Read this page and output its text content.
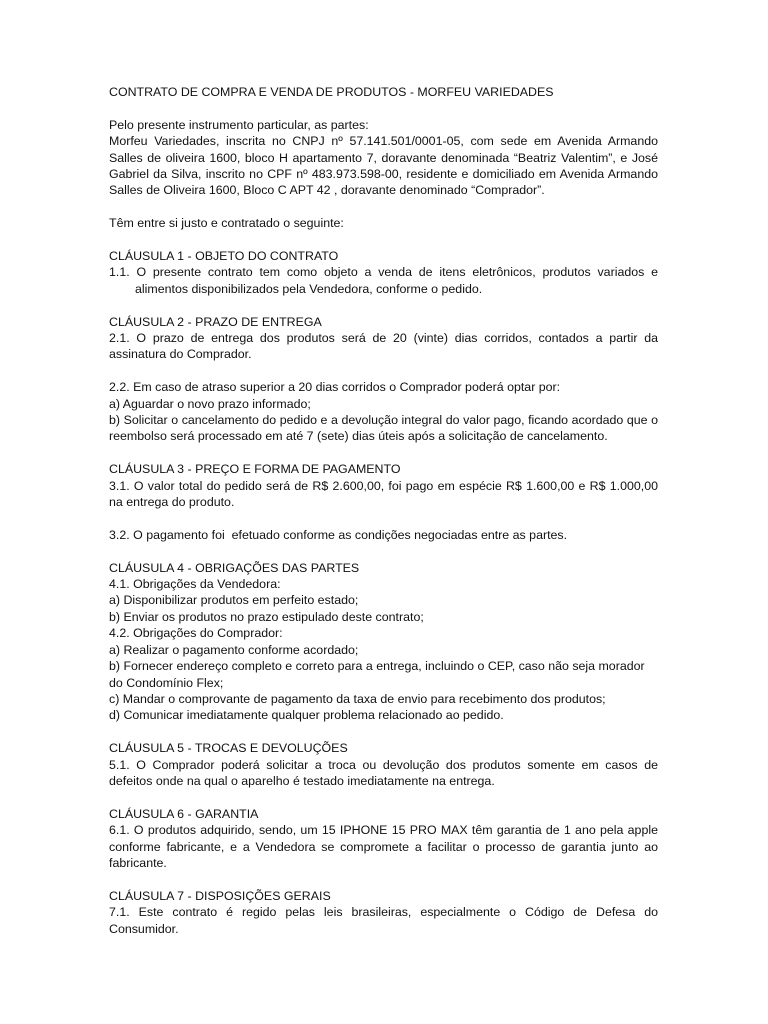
CONTRATO DE COMPRA E VENDA DE PRODUTOS - MORFEU VARIEDADES
Pelo presente instrumento particular, as partes:
Morfeu Variedades, inscrita no CNPJ nº 57.141.501/0001-05, com sede em Avenida Armando Salles de oliveira 1600, bloco H apartamento 7, doravante denominada “Beatriz Valentim”, e José Gabriel da Silva, inscrito no CPF nº 483.973.598-00, residente e domiciliado em Avenida Armando Salles de Oliveira 1600, Bloco C APT 42 , doravante denominado “Comprador”.
Têm entre si justo e contratado o seguinte:
CLÁUSULA 1 - OBJETO DO CONTRATO
1.1. O presente contrato tem como objeto a venda de itens eletrônicos, produtos variados e alimentos disponibilizados pela Vendedora, conforme o pedido.
CLÁUSULA 2 - PRAZO DE ENTREGA
2.1. O prazo de entrega dos produtos será de 20 (vinte) dias corridos, contados a partir da assinatura do Comprador.
2.2. Em caso de atraso superior a 20 dias corridos o Comprador poderá optar por:
a) Aguardar o novo prazo informado;
b) Solicitar o cancelamento do pedido e a devolução integral do valor pago, ficando acordado que o reembolso será processado em até 7 (sete) dias úteis após a solicitação de cancelamento.
CLÁUSULA 3 - PREÇO E FORMA DE PAGAMENTO
3.1. O valor total do pedido será de R$ 2.600,00, foi pago em espécie R$ 1.600,00 e R$ 1.000,00 na entrega do produto.
3.2. O pagamento foi  efetuado conforme as condições negociadas entre as partes.
CLÁUSULA 4 - OBRIGAÇÕES DAS PARTES
4.1. Obrigações da Vendedora:
a) Disponibilizar produtos em perfeito estado;
b) Enviar os produtos no prazo estipulado deste contrato;
4.2. Obrigações do Comprador:
a) Realizar o pagamento conforme acordado;
b) Fornecer endereço completo e correto para a entrega, incluindo o CEP, caso não seja morador do Condomínio Flex;
c) Mandar o comprovante de pagamento da taxa de envio para recebimento dos produtos;
d) Comunicar imediatamente qualquer problema relacionado ao pedido.
CLÁUSULA 5 - TROCAS E DEVOLUÇÕES
5.1. O Comprador poderá solicitar a troca ou devolução dos produtos somente em casos de defeitos onde na qual o aparelho é testado imediatamente na entrega.
CLÁUSULA 6 - GARANTIA
6.1. O produtos adquirido, sendo, um 15 IPHONE 15 PRO MAX têm garantia de 1 ano pela apple conforme fabricante, e a Vendedora se compromete a facilitar o processo de garantia junto ao fabricante.
CLÁUSULA 7 - DISPOSIÇÕES GERAIS
7.1. Este contrato é regido pelas leis brasileiras, especialmente o Código de Defesa do Consumidor.
